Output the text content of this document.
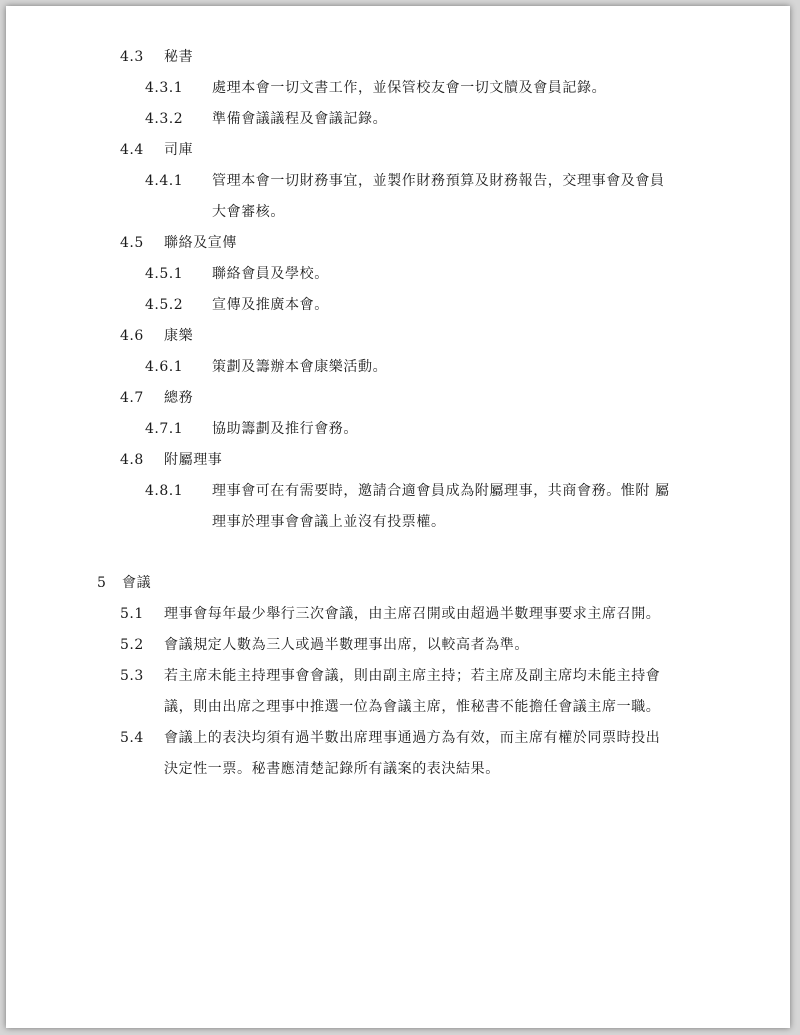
4.3 秘書
4.3.1 處理本會一切文書工作，並保管校友會一切文牘及會員記錄。
4.3.2 準備會議議程及會議記錄。
4.4 司庫
4.4.1 管理本會一切財務事宜，並製作財務預算及財務報告，交理事會及會員
大會審核。
4.5 聯絡及宣傳
4.5.1 聯絡會員及學校。
4.5.2 宣傳及推廣本會。
4.6 康樂
4.6.1 策劃及籌辦本會康樂活動。
4.7 總務
4.7.1 協助籌劃及推行會務。
4.8 附屬理事
4.8.1 理事會可在有需要時，邀請合適會員成為附屬理事，共商會務。惟附 屬
理事於理事會會議上並沒有投票權。
5 會議
5.1 理事會每年最少舉行三次會議，由主席召開或由超過半數理事要求主席召開。
5.2 會議規定人數為三人或過半數理事出席，以較高者為準。
5.3 若主席未能主持理事會會議，則由副主席主持；若主席及副主席均未能主持會
議，則由出席之理事中推選一位為會議主席，惟秘書不能擔任會議主席一職。
5.4 會議上的表決均須有過半數出席理事通過方為有效，而主席有權於同票時投出
決定性一票。秘書應清楚記錄所有議案的表決結果。
